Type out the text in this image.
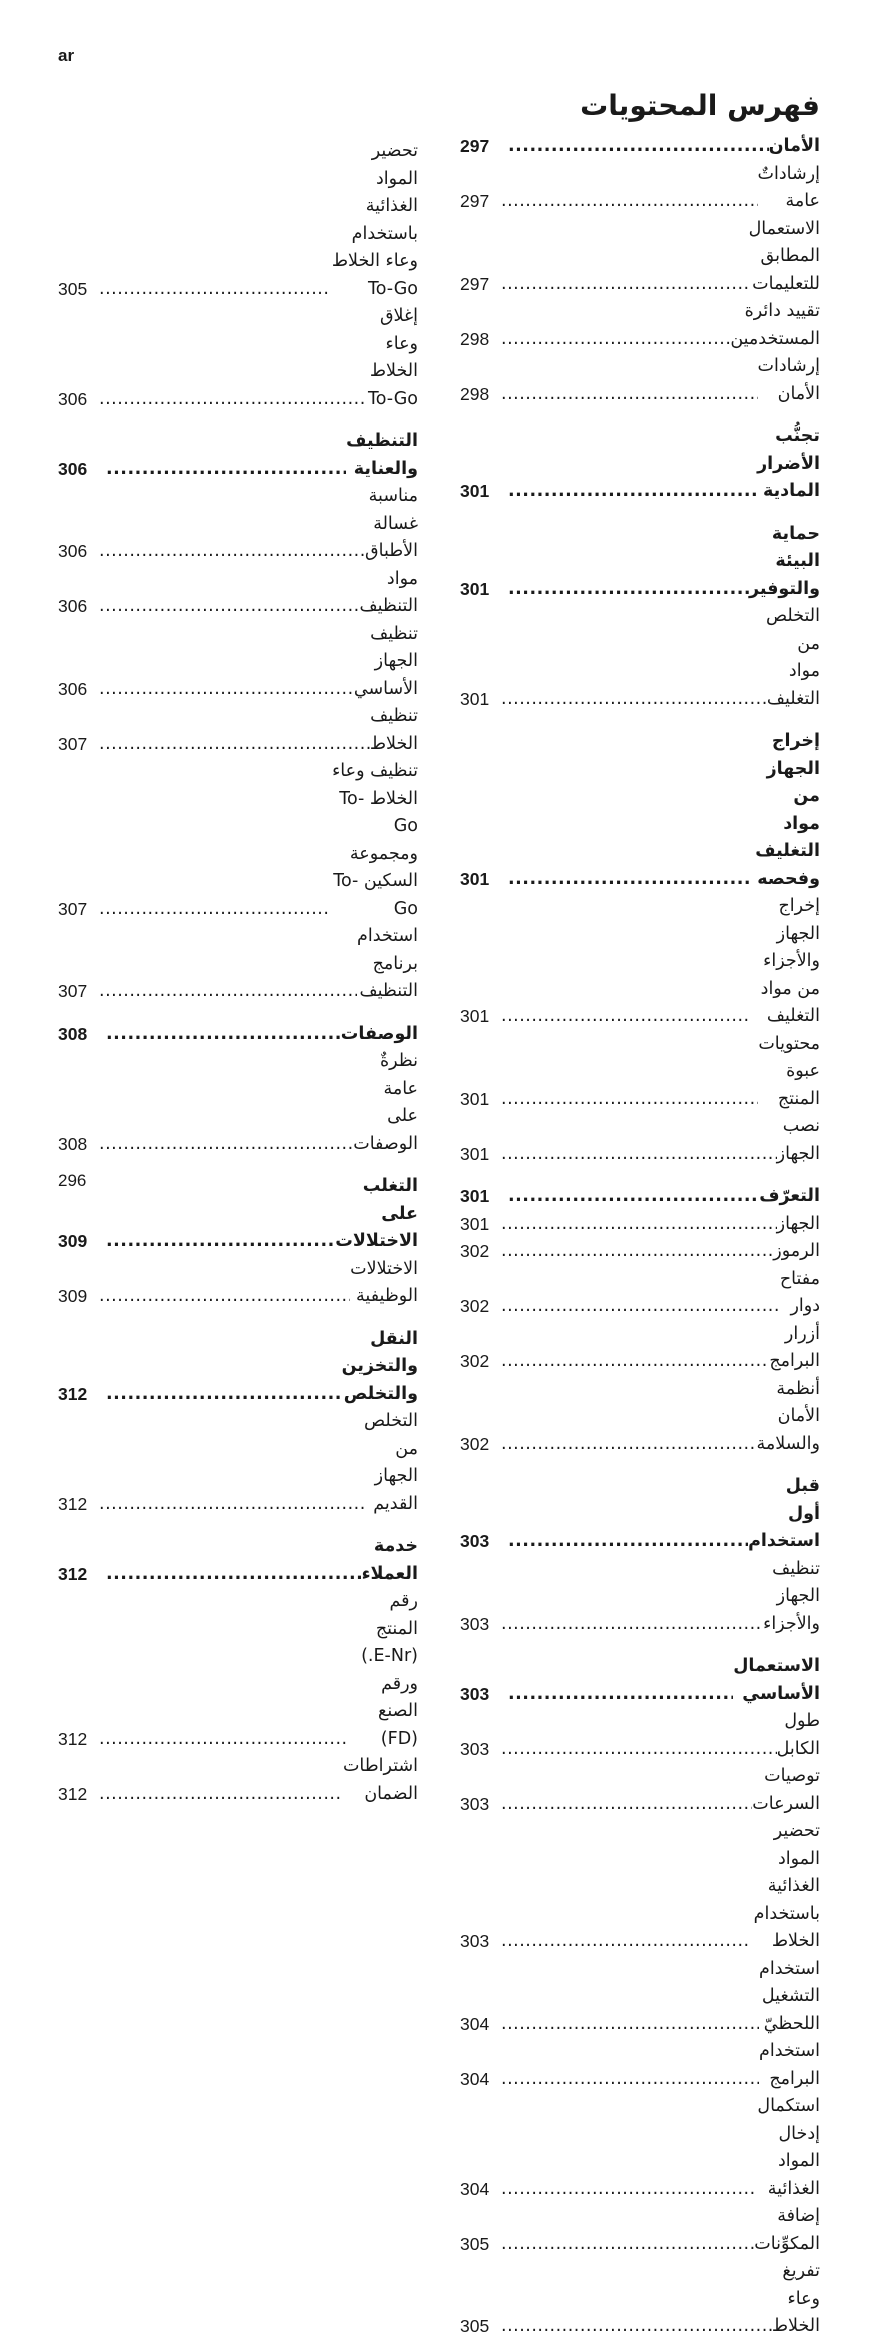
ar
فهرس المحتويات
الأمان
.....
297
إرشاداتٌ عامة
.....
297
الاستعمال المطابق للتعليمات
.....
297
تقييد دائرة المستخدمين
.....
298
إرشادات الأمان
.....
298
تجنُّب الأضرار المادية
.....
301
حماية البيئة والتوفير
.....
301
التخلص من مواد التغليف
.....
301
إخراج الجهاز من مواد التغليف وفحصه
.....
301
إخراج الجهاز والأجزاء من مواد التغليف
.....
301
محتويات عبوة المنتج
.....
301
نصب الجهاز
.....
301
التعرّف
.....
301
الجهاز
.....
301
الرموز
.....
302
مفتاح دوار
.....
302
أزرار البرامج
.....
302
أنظمة الأمان والسلامة
.....
302
قبل أول استخدام
.....
303
تنظيف الجهاز والأجزاء
.....
303
الاستعمال الأساسي
.....
303
طول الكابل
.....
303
توصيات السرعات
.....
303
تحضير المواد الغذائية باستخدام الخلاط
.....
303
استخدام التشغيل اللحظيّ
.....
304
استخدام البرامج
.....
304
استكمال إدخال المواد الغذائية
.....
304
إضافة المكوِّنات
.....
305
تفريغ وعاء الخلاط
.....
305
تحضير المواد الغذائية باستخدام وعاء الخلاط To-Go
.....
305
إغلاق وعاء الخلاط To-Go
.....
306
التنظيف والعناية
.....
306
مناسبة غسالة الأطباق
.....
306
مواد التنظيف
.....
306
تنظيف الجهاز الأساسي
.....
306
تنظيف الخلاط
.....
307
تنظيف وعاء الخلاط To-Go ومجموعة السكين To-Go
.....
307
استخدام برنامج التنظيف
.....
307
الوصفات
.....
308
نظرةٌ عامة على الوصفات
.....
308
التغلب على الاختلالات
.....
309
الاختلالات الوظيفية
.....
309
النقل والتخزين والتخلص
.....
312
التخلص من الجهاز القديم
.....
312
خدمة العملاء
.....
312
رقم المنتج (E-Nr.) ورقم الصنع (FD)
.....
312
اشتراطات الضمان
.....
312
296
